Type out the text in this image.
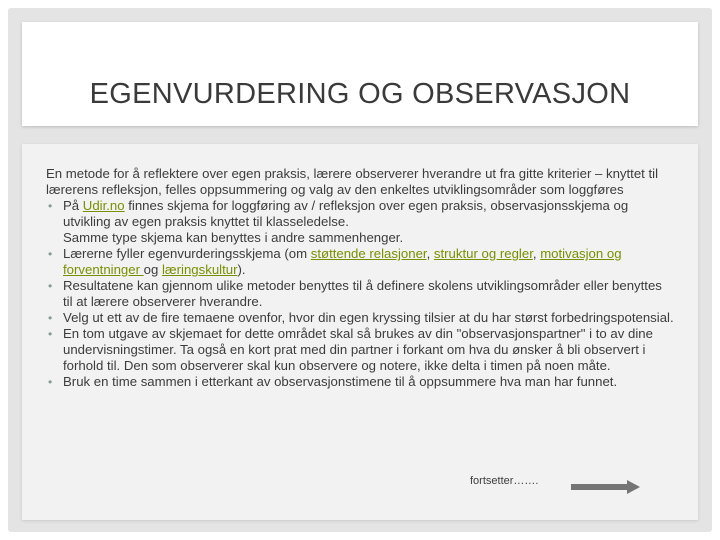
EGENVURDERING OG OBSERVASJON

En metode for å reflektere over egen praksis, lærere observerer hverandre ut fra gitte kriterier – knyttet til lærerens refleksjon, felles oppsummering og valg av den enkeltes utviklingsområder som loggføres

• På Udir.no finnes skjema for loggføring av / refleksjon over egen praksis, observasjonsskjema og utvikling av egen praksis knyttet til klasseledelse.
Samme type skjema kan benyttes i andre sammenhenger.
• Lærerne fyller egenvurderingsskjema (om støttende relasjoner, struktur og regler, motivasjon og forventninger og læringskultur).
• Resultatene kan gjennom ulike metoder benyttes til å definere skolens utviklingsområder eller benyttes til at lærere observerer hverandre.
• Velg ut ett av de fire temaene ovenfor, hvor din egen kryssing tilsier at du har størst forbedringspotensial.
• En tom utgave av skjemaet for dette området skal så brukes av din "observasjonspartner" i to av dine undervisningstimer. Ta også en kort prat med din partner i forkant om hva du ønsker å bli observert i forhold til. Den som observerer skal kun observere og notere, ikke delta i timen på noen måte.
• Bruk en time sammen i etterkant av observasjonstimene til å oppsummere hva man har funnet.
fortsetter…….
